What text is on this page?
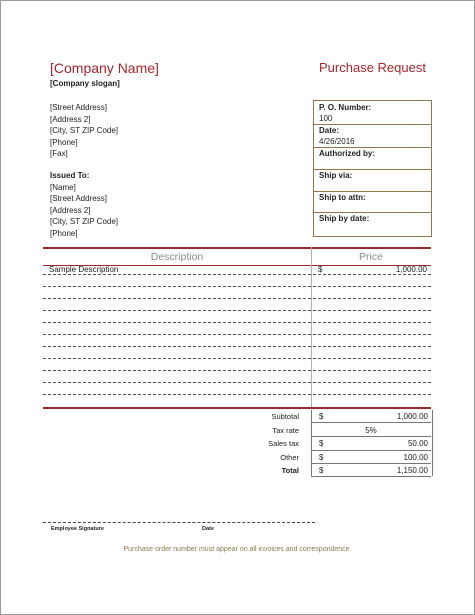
[Company Name]	Purchase Request
[Company slogan]
[Street Address]
[Address 2]
[City, ST ZIP Code]
[Phone]
[Fax]
Issued To:
[Name]
[Street Address]
[Address 2]
[City, ST ZIP Code]
[Phone]
P. O. Number:
100
Date:
4/26/2016
Authorized by:
Ship via:
Ship to attn:
Ship by date:
Description	Price
Sample Description	$	1,000.00
Subtotal	$	1,000.00
Tax rate	5%
Sales tax	$	50.00
Other	$	100.00
Total	$	1,150.00
Employee Signature	Date
Purchase order number must appear on all invoices and correspondence.
